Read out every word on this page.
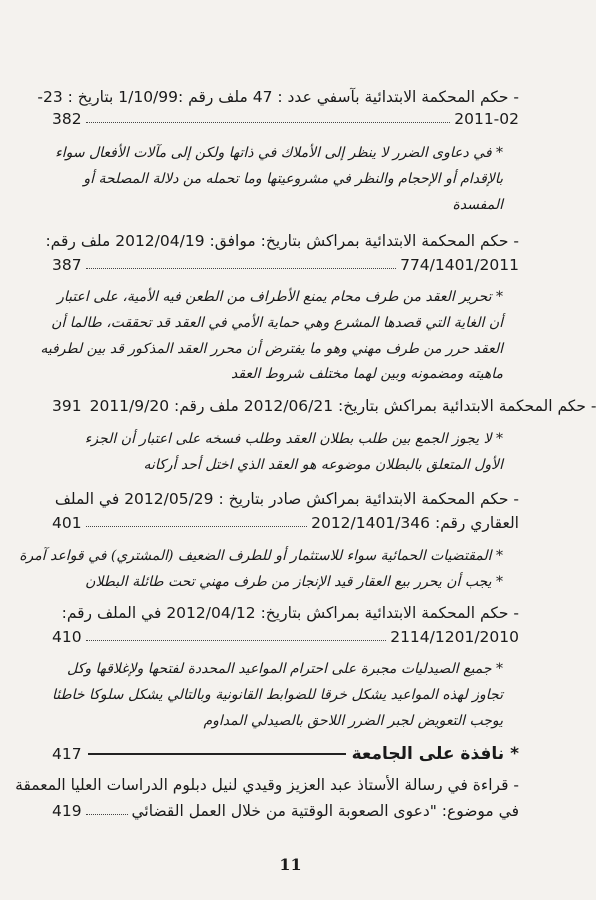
- حكم المحكمة الابتدائية بآسفي عدد : 47 ملف رقم :1/10/99 بتاريخ : 23-
382	2011-02
* في دعاوى الضرر لا ينظر إلى الأملاك في ذاتها ولكن إلى مآلات الأفعال سواء
بالإقدام أو الإحجام والنظر في مشروعيتها وما تحمله من دلالة المصلحة أو
المفسدة
- حكم المحكمة الابتدائية بمراكش بتاريخ: موافق: 2012/04/19 ملف رقم:
387	774/1401/2011
* تحرير العقد من طرف محام يمنع الأطراف من الطعن فيه الأمية، على اعتبار
أن الغاية التي قصدها المشرع وهي حماية الأمي في العقد قد تحققت، طالما أن
العقد حرر من طرف مهني وهو ما يفترض أن محرر العقد المذكور قد بين لطرفيه
ماهيته ومضمونه وبين لهما مختلف شروط العقد
391 - حكم المحكمة الابتدائية بمراكش بتاريخ: 2012/06/21 ملف رقم: 2011/9/20
* لا يجوز الجمع بين طلب بطلان العقد وطلب فسخه على اعتبار أن الجزء
الأول المتعلق بالبطلان موضوعه هو العقد الذي اختل أحد أركانه
- حكم المحكمة الابتدائية بمراكش صادر بتاريخ : 2012/05/29 في الملف
401	العقاري رقم: 2012/1401/346
* المقتضيات الحمائية سواء للاستثمار أو للطرف الضعيف (المشتري) في قواعد آمرة
* يجب أن يحرر بيع العقار قيد الإنجاز من طرف مهني تحت طائلة البطلان
- حكم المحكمة الابتدائية بمراكش بتاريخ: 2012/04/12 في الملف رقم:
410	2114/1201/2010
* جميع الصيدليات مجبرة على احترام المواعيد المحددة لفتحها ولإغلاقها وكل
تجاوز لهذه المواعيد يشكل خرقا للضوابط القانونية وبالتالي يشكل سلوكا خاطئا
يوجب التعويض لجبر الضرر اللاحق بالصيدلي المداوم
417	* نافذة على الجامعة
- قراءة في رسالة الأستاذ عبد العزيز وقيدي لنيل دبلوم الدراسات العليا المعمقة
419	في موضوع: "دعوى الصعوبة الوقتية من خلال العمل القضائي
11
